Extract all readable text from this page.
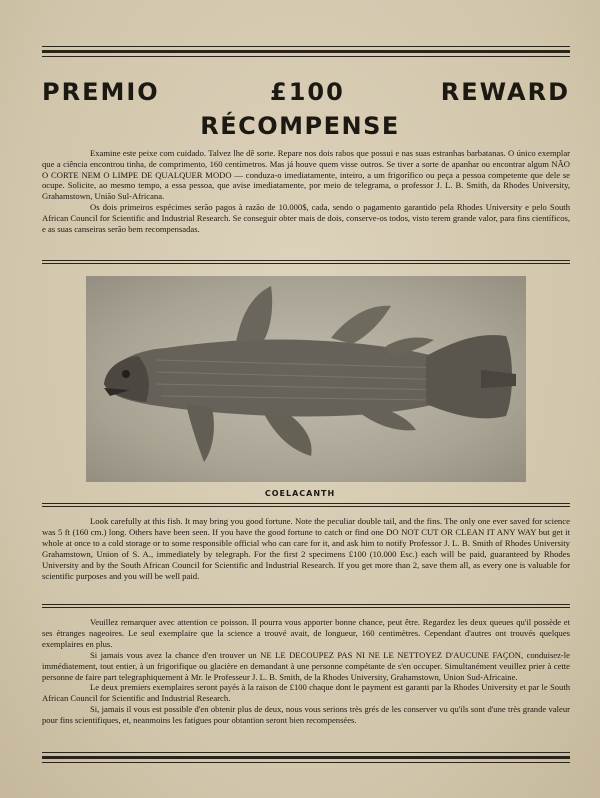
PREMIO	£100	REWARD
RÉCOMPENSE

Examine este peixe com cuidado. Talvez lhe dê sorte. Repare nos dois rabos que possui e nas suas estranhas barbatanas. O único exemplar que a ciência encontrou tinha, de comprimento, 160 centímetros. Mas já houve quem visse outros. Se tiver a sorte de apanhar ou encontrar algum NÃO O CORTE NEM O LIMPE DE QUALQUER MODO — conduza-o imediatamente, inteiro, a um frigorífico ou peça a pessoa competente que dele se ocupe. Solicite, ao mesmo tempo, a essa pessoa, que avise imediatamente, por meio de telegrama, o professor J. L. B. Smith, da Rhodes University, Grahamstown, União Sul-Africana.

Os dois primeiros espécimes serão pagos à razão de 10.000$, cada, sendo o pagamento garantido pela Rhodes University e pelo South African Council for Scientific and Industrial Research. Se conseguir obter mais de dois, conserve-os todos, visto terem grande valor, para fins científicos, e as suas canseiras serão bem recompensadas.

COELACANTH

Look carefully at this fish. It may bring you good fortune. Note the peculiar double tail, and the fins. The only one ever saved for science was 5 ft (160 cm.) long. Others have been seen. If you have the good fortune to catch or find one DO NOT CUT OR CLEAN IT ANY WAY but get it whole at once to a cold storage or to some responsible official who can care for it, and ask him to notify Professor J. L. B. Smith of Rhodes University Grahamstown, Union of S. A., immediately by telegraph. For the first 2 specimens £100 (10.000 Esc.) each will be paid, guaranteed by Rhodes University and by the South African Council for Scientific and Industrial Research. If you get more than 2, save them all, as every one is valuable for scientific purposes and you will be well paid.

Veuillez remarquer avec attention ce poisson. Il pourra vous apporter bonne chance, peut être. Regardez les deux queues qu'il possède et ses étranges nageoires. Le seul exemplaire que la science a trouvé avait, de longueur, 160 centimètres. Cependant d'autres ont trouvés quelques exemplaires en plus.

Si jamais vous avez la chance d'en trouver un NE LE DECOUPEZ PAS NI NE LE NETTOYEZ D'AUCUNE FAÇON, conduisez-le immédiatement, tout entier, à un frigorifique ou glacière en demandant à une personne compétante de s'en occuper. Simultanément veuillez prier à cette personne de faire part telegraphiquement à Mr. le Professeur J. L. B. Smith, de la Rhodes University, Grahamstown, Union Sud-Africaine.

Le deux premiers exemplaires seront payés à la raison de £100 chaque dont le payment est garanti par la Rhodes University et par le South African Council for Scientific and Industrial Research.

Si, jamais il vous est possible d'en obtenir plus de deux, nous vous serions très grés de les conserver vu qu'ils sont d'une très grande valeur pour fins scientifiques, et, neanmoins les fatigues pour obtantion seront bien recompensées.
